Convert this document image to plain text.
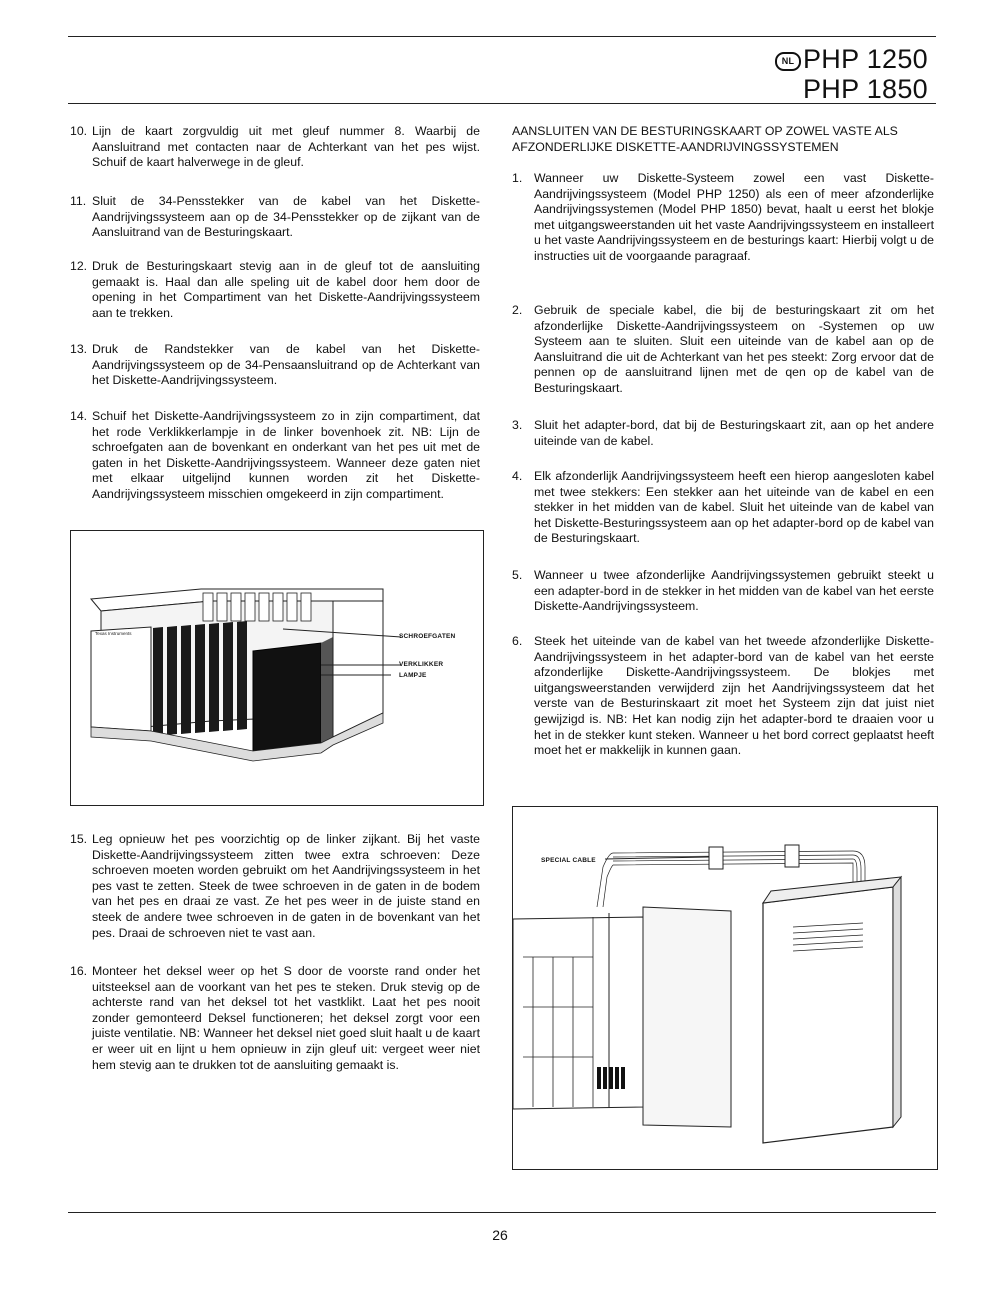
NL PHP 1250
PHP 1850
10. Lijn de kaart zorgvuldig uit met gleuf nummer 8. Waarbij de Aansluitrand met contacten naar de Achterkant van het pes wijst. Schuif de kaart halverwege in de gleuf.
11. Sluit de 34-Pensstekker van de kabel van het Diskette-Aandrijvingssysteem aan op de 34-Pensstekker op de zijkant van de Aansluitrand van de Besturingskaart.
12. Druk de Besturingskaart stevig aan in de gleuf tot de aansluiting gemaakt is. Haal dan alle speling uit de kabel door hem door de opening in het Compartiment van het Diskette-Aandrijvingssysteem aan te trekken.
13. Druk de Randstekker van de kabel van het Diskette-Aandrijvingssysteem op de 34-Pensaansluitrand op de Achterkant van het Diskette-Aandrijvingssysteem.
14. Schuif het Diskette-Aandrijvingssysteem zo in zijn compartiment, dat het rode Verklikkerlampje in de linker bovenhoek zit. NB: Lijn de schroefgaten aan de bovenkant en onderkant van het pes uit met de gaten in het Diskette-Aandrijvingssysteem. Wanneer deze gaten niet met elkaar uitgelijnd kunnen worden zit het Diskette-Aandrijvingssysteem misschien omgekeerd in zijn compartiment.
Texas Instruments	SCHROEFGATEN
VERKLIKKER
LAMPJE
15. Leg opnieuw het pes voorzichtig op de linker zijkant. Bij het vaste Diskette-Aandrijvingssysteem zitten twee extra schroeven: Deze schroeven moeten worden gebruikt om het Aandrijvingssysteem in het pes vast te zetten. Steek de twee schroeven in de gaten in de bodem van het pes en draai ze vast. Ze het pes weer in de juiste stand en steek de andere twee schroeven in de gaten in de bovenkant van het pes. Draai de schroeven niet te vast aan.
16. Monteer het deksel weer op het S door de voorste rand onder het uitsteeksel aan de voorkant van het pes te steken. Druk stevig op de achterste rand van het deksel tot het vastklikt. Laat het pes nooit zonder gemonteerd Deksel functioneren; het deksel zorgt voor een juiste ventilatie. NB: Wanneer het deksel niet goed sluit haalt u de kaart er weer uit en lijnt u hem opnieuw in zijn gleuf uit: vergeet weer niet hem stevig aan te drukken tot de aansluiting gemaakt is.
AANSLUITEN VAN DE BESTURINGSKAART OP ZOWEL VASTE ALS
AFZONDERLIJKE DISKETTE-AANDRIJVINGSSYSTEMEN
1. Wanneer uw Diskette-Systeem zowel een vast Diskette-Aandrijvingssysteem (Model PHP 1250) als een of meer afzonderlijke Aandrijvingssystemen (Model PHP 1850) bevat, haalt u eerst het blokje met uitgangsweerstanden uit het vaste Aandrijvingssysteem en installeert u het vaste Aandrijvingssysteem en de besturings kaart: Hierbij volgt u de instructies uit de voorgaande paragraaf.
2. Gebruik de speciale kabel, die bij de besturingskaart zit om het afzonderlijke Diskette-Aandrijvingssysteem on -Systemen op uw Systeem aan te sluiten. Sluit een uiteinde van de kabel aan op de Aansluitrand die uit de Achterkant van het pes steekt: Zorg ervoor dat de pennen op de aansluitrand lijnen met de qen op de kabel van de Besturingskaart.
3. Sluit het adapter-bord, dat bij de Besturingskaart zit, aan op het andere uiteinde van de kabel.
4. Elk afzonderlijk Aandrijvingssysteem heeft een hierop aangesloten kabel met twee stekkers: Een stekker aan het uiteinde van de kabel en een stekker in het midden van de kabel. Sluit het uiteinde van de kabel van het Diskette-Besturingssysteem aan op het adapter-bord op de kabel van de Besturingskaart.
5. Wanneer u twee afzonderlijke Aandrijvingssystemen gebruikt steekt u een adapter-bord in de stekker in het midden van de kabel van het eerste Diskette-Aandrijvingssysteem.
6. Steek het uiteinde van de kabel van het tweede afzonderlijke Diskette-Aandrijvingssysteem in het adapter-bord van de kabel van het eerste afzonderlijke Diskette-Aandrijvingssysteem. De blokjes met uitgangsweerstanden verwijderd zijn het Aandrijvingssysteem dat het verste van de Besturinskaart zit moet het Systeem zijn dat juist niet gewijzigd is. NB: Het kan nodig zijn het adapter-bord te draaien voor u het in de stekker kunt steken. Wanneer u het bord correct geplaatst heeft moet het er makkelijk in kunnen gaan.
SPECIAL CABLE
26
